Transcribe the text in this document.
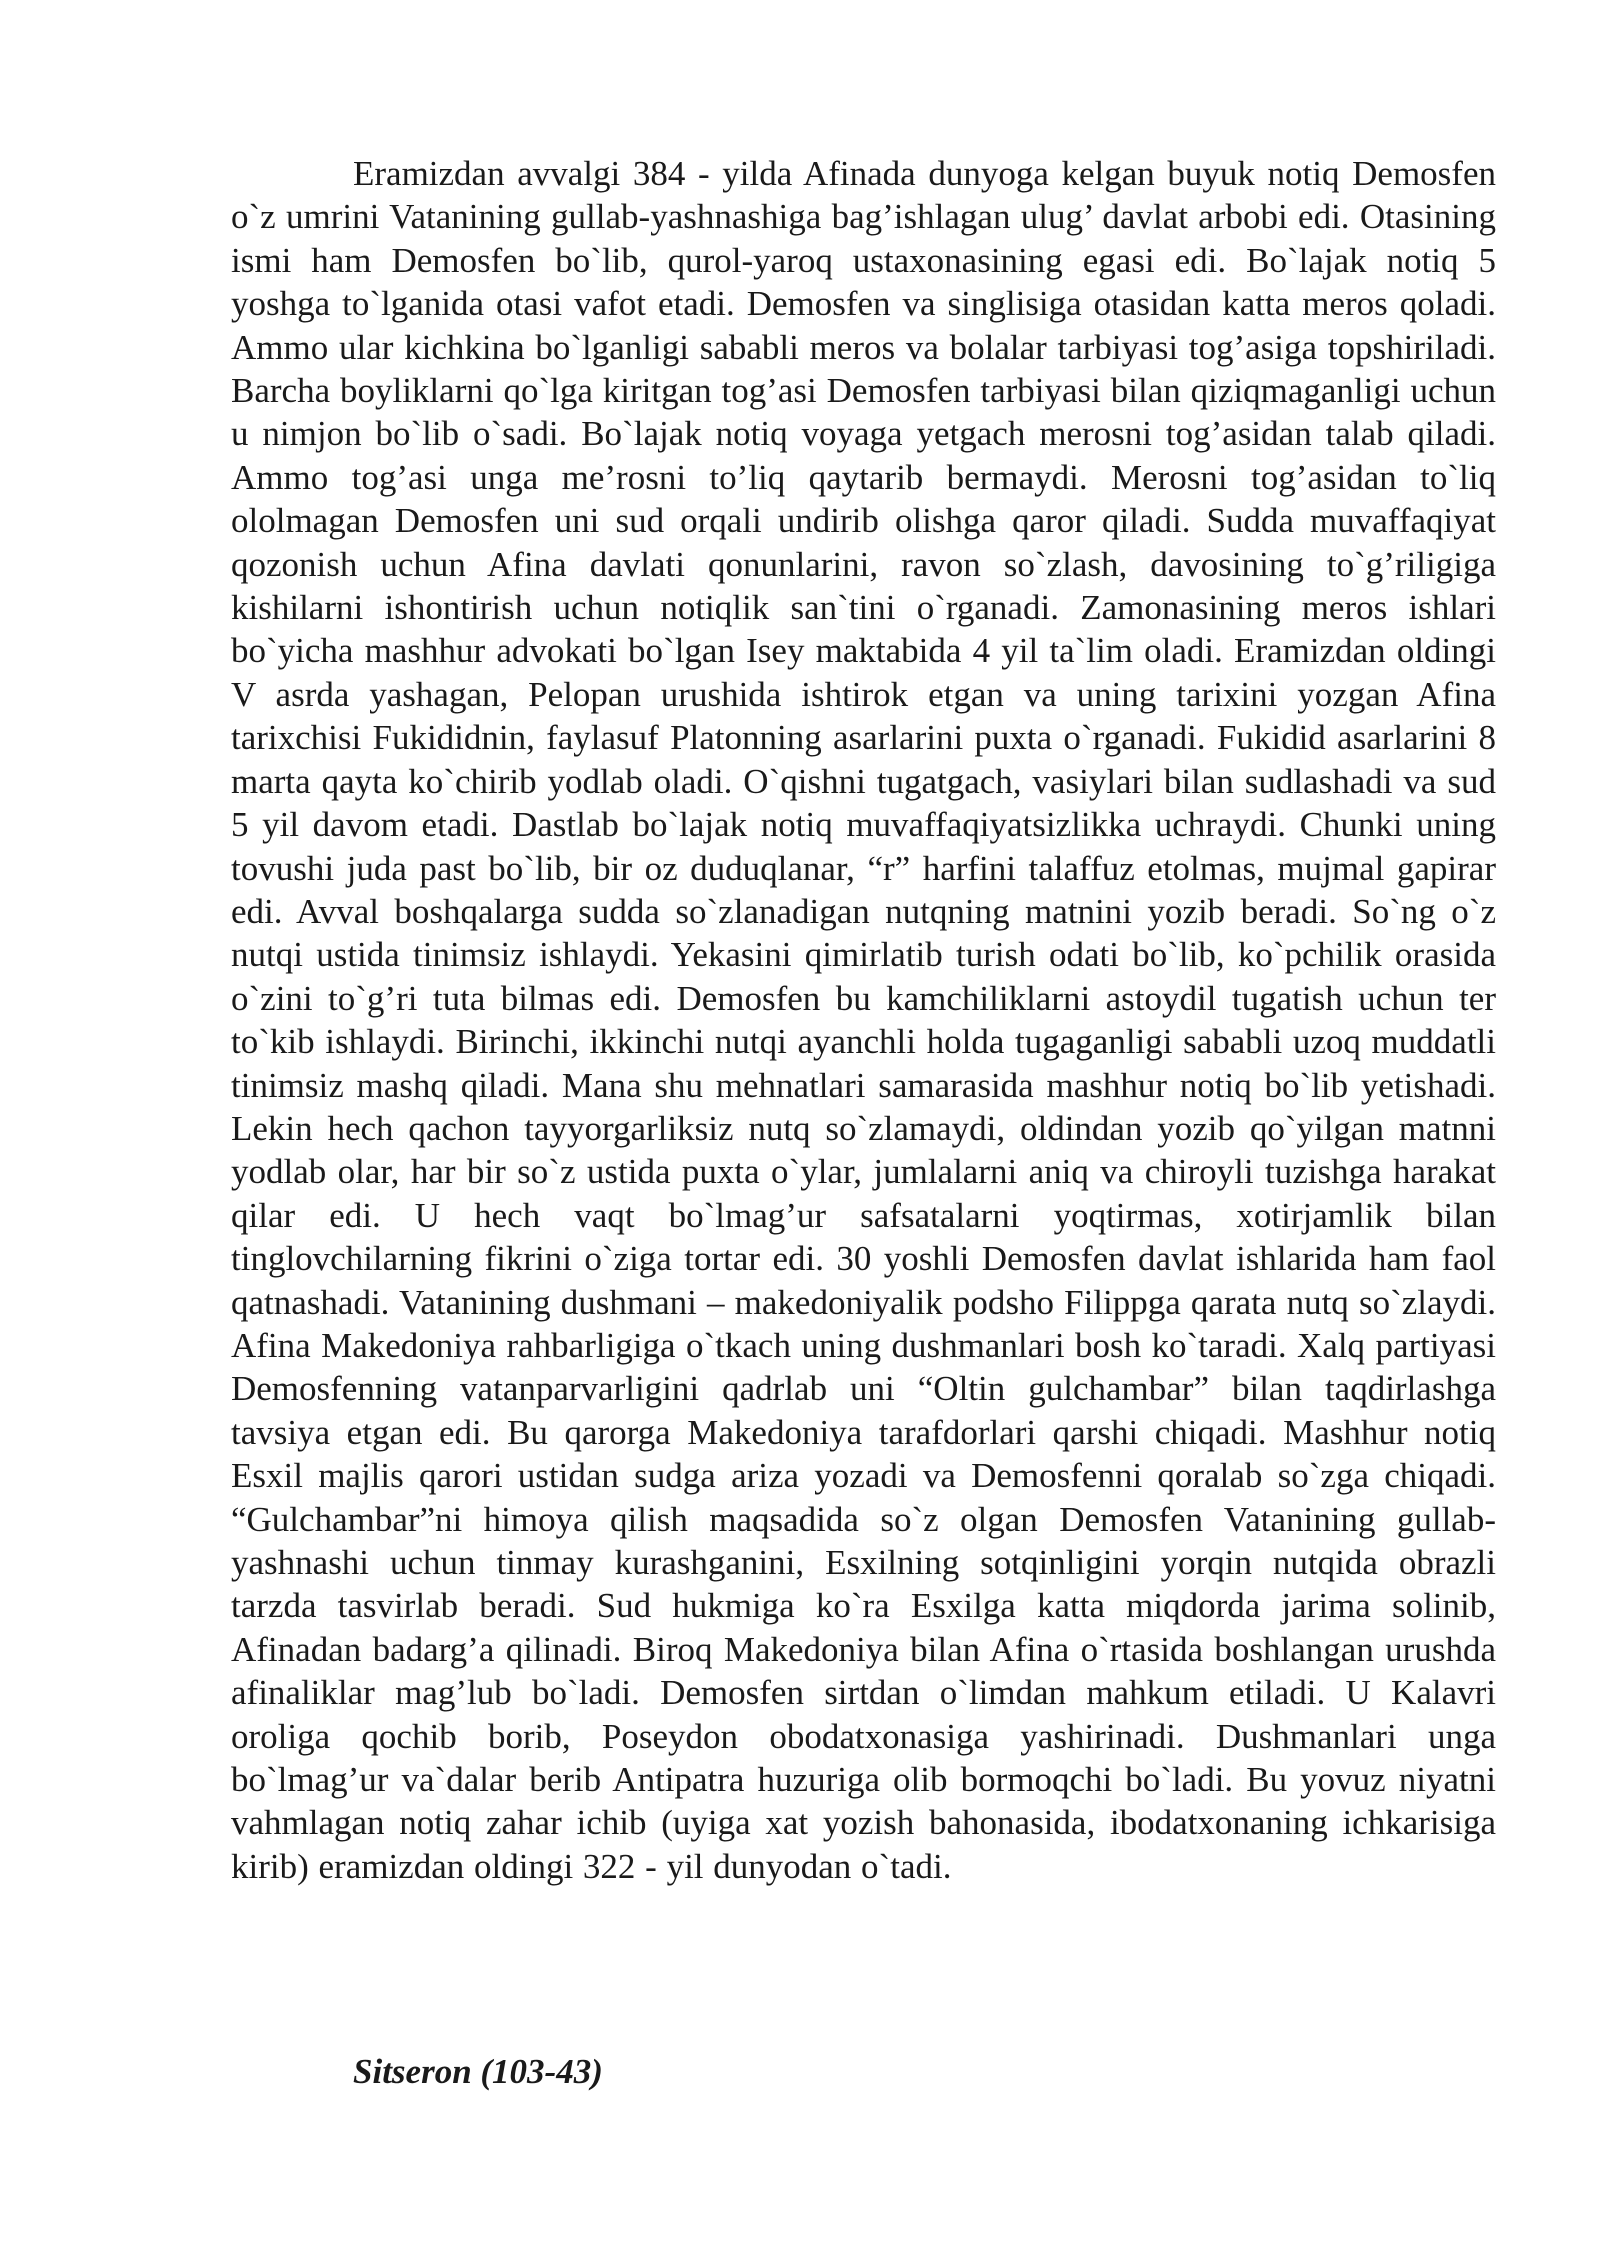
Eramizdan avvalgi 384 - yilda Afinada dunyoga kelgan buyuk notiq Demosfen o`z umrini Vatanining gullab-yashnashiga bag’ishlagan ulug’ davlat arbobi edi. Otasining ismi ham Demosfen bo`lib, qurol-yaroq ustaxonasining egasi edi. Bo`lajak notiq 5 yoshga to`lganida otasi vafot etadi. Demosfen va singlisiga otasidan katta meros qoladi. Ammo ular kichkina bo`lganligi sababli meros va bolalar tarbiyasi tog’asiga topshiriladi. Barcha boyliklarni qo`lga kiritgan tog’asi Demosfen tarbiyasi bilan qiziqmaganligi uchun u nimjon bo`lib o`sadi. Bo`lajak notiq voyaga yetgach merosni tog’asidan talab qiladi. Ammo tog’asi unga me’rosni to’liq qaytarib bermaydi. Merosni tog’asidan to`liq ololmagan Demosfen uni sud orqali undirib olishga qaror qiladi. Sudda muvaffaqiyat qozonish uchun Afina davlati qonunlarini, ravon so`zlash, davosining to`g’riligiga kishilarni ishontirish uchun notiqlik san`tini o`rganadi. Zamonasining meros ishlari bo`yicha mashhur advokati bo`lgan Isey maktabida 4 yil ta`lim oladi. Eramizdan oldingi V asrda yashagan, Pelopan urushida ishtirok etgan va uning tarixini yozgan Afina tarixchisi Fukididnin, faylasuf Platonning asarlarini puxta o`rganadi. Fukidid asarlarini 8 marta qayta ko`chirib yodlab oladi. O`qishni tugatgach, vasiylari bilan sudlashadi va sud 5 yil davom etadi. Dastlab bo`lajak notiq muvaffaqiyatsizlikka uchraydi. Chunki uning tovushi juda past bo`lib, bir oz duduqlanar, “r” harfini talaffuz etolmas, mujmal gapirar edi. Avval boshqalarga sudda so`zlanadigan nutqning matnini yozib beradi. So`ng o`z nutqi ustida tinimsiz ishlaydi. Yekasini qimirlatib turish odati bo`lib, ko`pchilik orasida o`zini to`g’ri tuta bilmas edi. Demosfen bu kamchiliklarni astoydil tugatish uchun ter to`kib ishlaydi. Birinchi, ikkinchi nutqi ayanchli holda tugaganligi sababli uzoq muddatli tinimsiz mashq qiladi. Mana shu mehnatlari samarasida mashhur notiq bo`lib yetishadi. Lekin hech qachon tayyorgarliksiz nutq so`zlamaydi, oldindan yozib qo`yilgan matnni yodlab olar, har bir so`z ustida puxta o`ylar, jumlalarni aniq va chiroyli tuzishga harakat qilar edi. U hech vaqt bo`lmag’ur safsatalarni yoqtirmas, xotirjamlik bilan tinglovchilarning fikrini o`ziga tortar edi. 30 yoshli Demosfen davlat ishlarida ham faol qatnashadi. Vatanining dushmani – makedoniyalik podsho Filippga qarata nutq so`zlaydi. Afina Makedoniya rahbarligiga o`tkach uning dushmanlari bosh ko`taradi. Xalq partiyasi Demosfenning vatanparvarligini qadrlab uni “Oltin gulchambar” bilan taqdirlashga tavsiya etgan edi. Bu qarorga Makedoniya tarafdorlari qarshi chiqadi. Mashhur notiq Esxil majlis qarori ustidan sudga ariza yozadi va Demosfenni qoralab so`zga chiqadi. “Gulchambar”ni himoya qilish maqsadida so`z olgan Demosfen Vatanining gullab-yashnashi uchun tinmay kurashganini, Esxilning sotqinligini yorqin nutqida obrazli tarzda tasvirlab beradi. Sud hukmiga ko`ra Esxilga katta miqdorda jarima solinib, Afinadan badarg’a qilinadi. Biroq Makedoniya bilan Afina o`rtasida boshlangan urushda afinaliklar mag’lub bo`ladi. Demosfen sirtdan o`limdan mahkum etiladi. U Kalavri oroliga qochib borib, Poseydon obodatxonasiga yashirinadi. Dushmanlari unga bo`lmag’ur va`dalar berib Antipatra huzuriga olib bormoqchi bo`ladi. Bu yovuz niyatni vahmlagan notiq zahar ichib (uyiga xat yozish bahonasida, ibodatxonaning ichkarisiga kirib) eramizdan oldingi 322 - yil dunyodan o`tadi.

Sitseron (103-43)
